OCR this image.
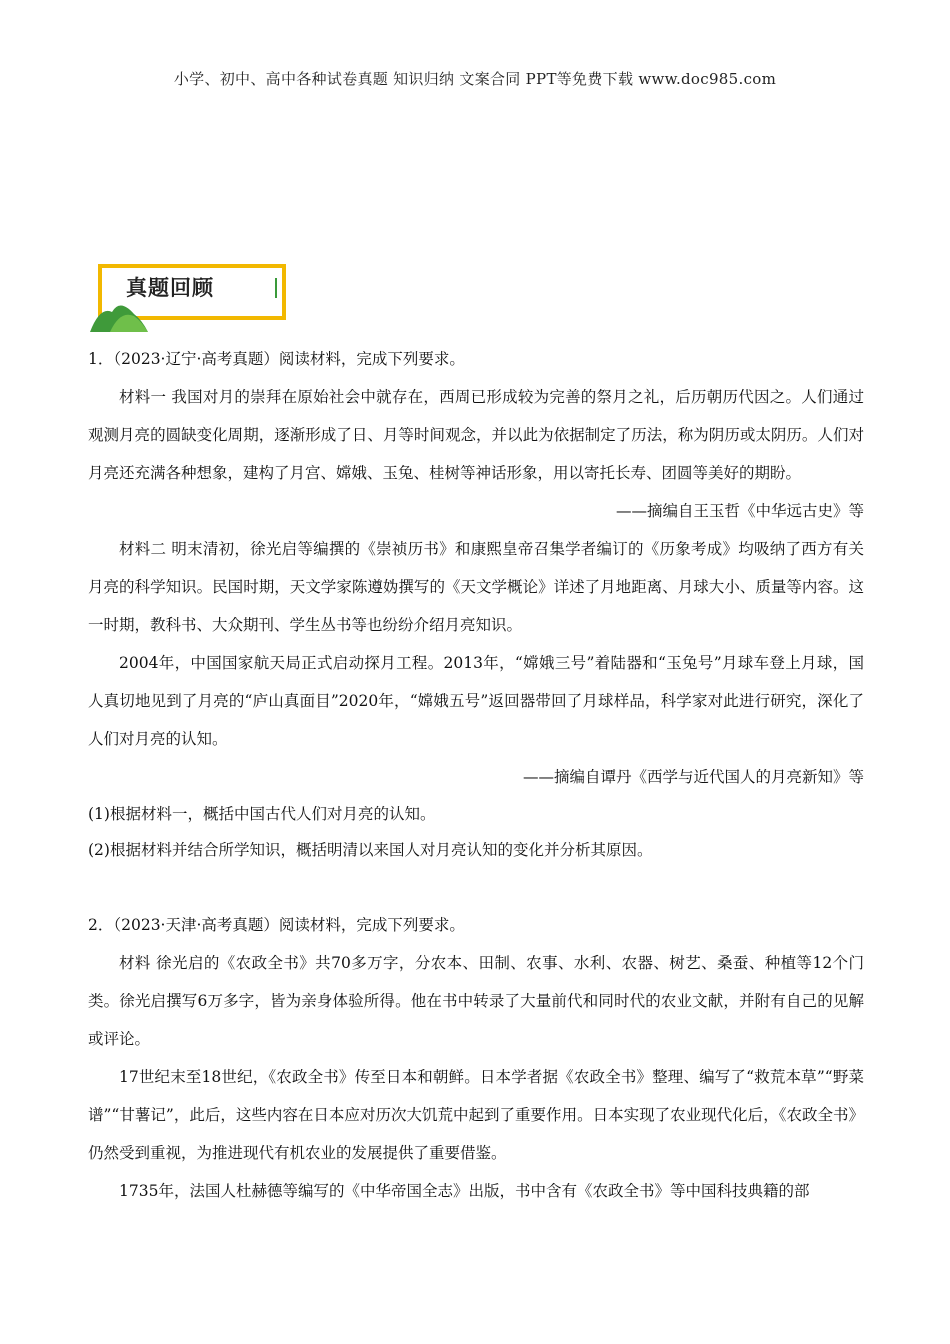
小学、初中、高中各种试卷真题 知识归纳 文案合同 PPT等免费下载 www.doc985.com
真题回顾
1．（2023·辽宁·高考真题）阅读材料，完成下列要求。
材料一 我国对月的崇拜在原始社会中就存在，西周已形成较为完善的祭月之礼，后历朝历代因之。人们通过观测月亮的圆缺变化周期，逐渐形成了日、月等时间观念，并以此为依据制定了历法，称为阴历或太阴历。人们对月亮还充满各种想象，建构了月宫、嫦娥、玉兔、桂树等神话形象，用以寄托长寿、团圆等美好的期盼。
——摘编自王玉哲《中华远古史》等
材料二 明末清初，徐光启等编撰的《崇祯历书》和康熙皇帝召集学者编订的《历象考成》均吸纳了西方有关月亮的科学知识。民国时期，天文学家陈遵妫撰写的《天文学概论》详述了月地距离、月球大小、质量等内容。这一时期，教科书、大众期刊、学生丛书等也纷纷介绍月亮知识。
2004年，中国国家航天局正式启动探月工程。2013年，“嫦娥三号”着陆器和“玉兔号”月球车登上月球，国人真切地见到了月亮的“庐山真面目”2020年，“嫦娥五号”返回器带回了月球样品，科学家对此进行研究，深化了人们对月亮的认知。
——摘编自谭丹《西学与近代国人的月亮新知》等
(1)根据材料一，概括中国古代人们对月亮的认知。
(2)根据材料并结合所学知识，概括明清以来国人对月亮认知的变化并分析其原因。
2．（2023·天津·高考真题）阅读材料，完成下列要求。
材料 徐光启的《农政全书》共70多万字，分农本、田制、农事、水利、农器、树艺、桑蚕、种植等12个门类。徐光启撰写6万多字，皆为亲身体验所得。他在书中转录了大量前代和同时代的农业文献，并附有自己的见解或评论。
17世纪末至18世纪，《农政全书》传至日本和朝鲜。日本学者据《农政全书》整理、编写了“救荒本草”“野菜谱”“甘薯记”，此后，这些内容在日本应对历次大饥荒中起到了重要作用。日本实现了农业现代化后，《农政全书》仍然受到重视，为推进现代有机农业的发展提供了重要借鉴。
1735年，法国人杜赫德等编写的《中华帝国全志》出版，书中含有《农政全书》等中国科技典籍的部
